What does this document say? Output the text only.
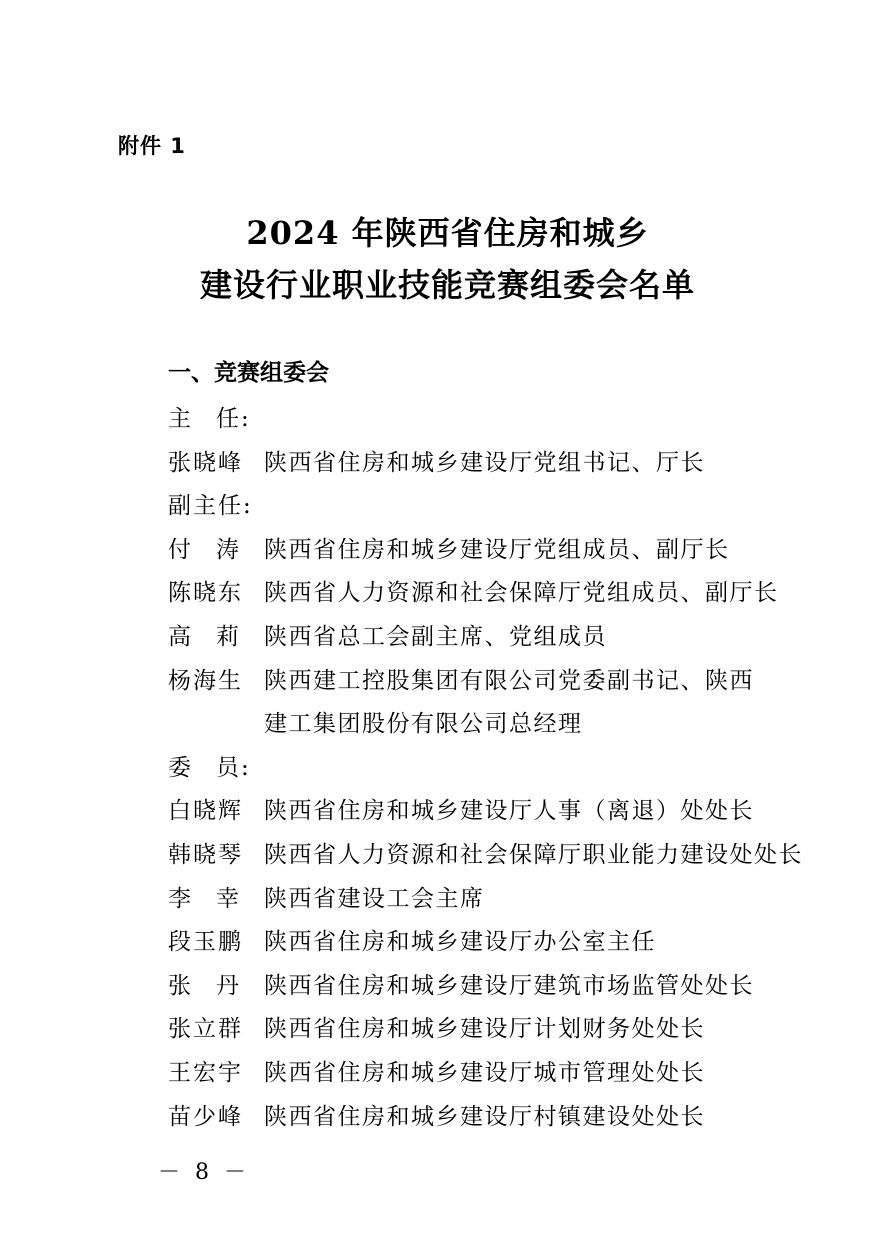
附件 1
2024 年陕西省住房和城乡
建设行业职业技能竞赛组委会名单
一、竞赛组委会
主 任:
张晓峰 陕西省住房和城乡建设厅党组书记、厅长
副主任:
付 涛 陕西省住房和城乡建设厅党组成员、副厅长
陈晓东 陕西省人力资源和社会保障厅党组成员、副厅长
高 莉 陕西省总工会副主席、党组成员
杨海生 陕西建工控股集团有限公司党委副书记、陕西
建工集团股份有限公司总经理
委 员:
白晓辉 陕西省住房和城乡建设厅人事（离退）处处长
韩晓琴 陕西省人力资源和社会保障厅职业能力建设处处长
李 幸 陕西省建设工会主席
段玉鹏 陕西省住房和城乡建设厅办公室主任
张 丹 陕西省住房和城乡建设厅建筑市场监管处处长
张立群 陕西省住房和城乡建设厅计划财务处处长
王宏宇 陕西省住房和城乡建设厅城市管理处处长
苗少峰 陕西省住房和城乡建设厅村镇建设处处长
－ 8 －
